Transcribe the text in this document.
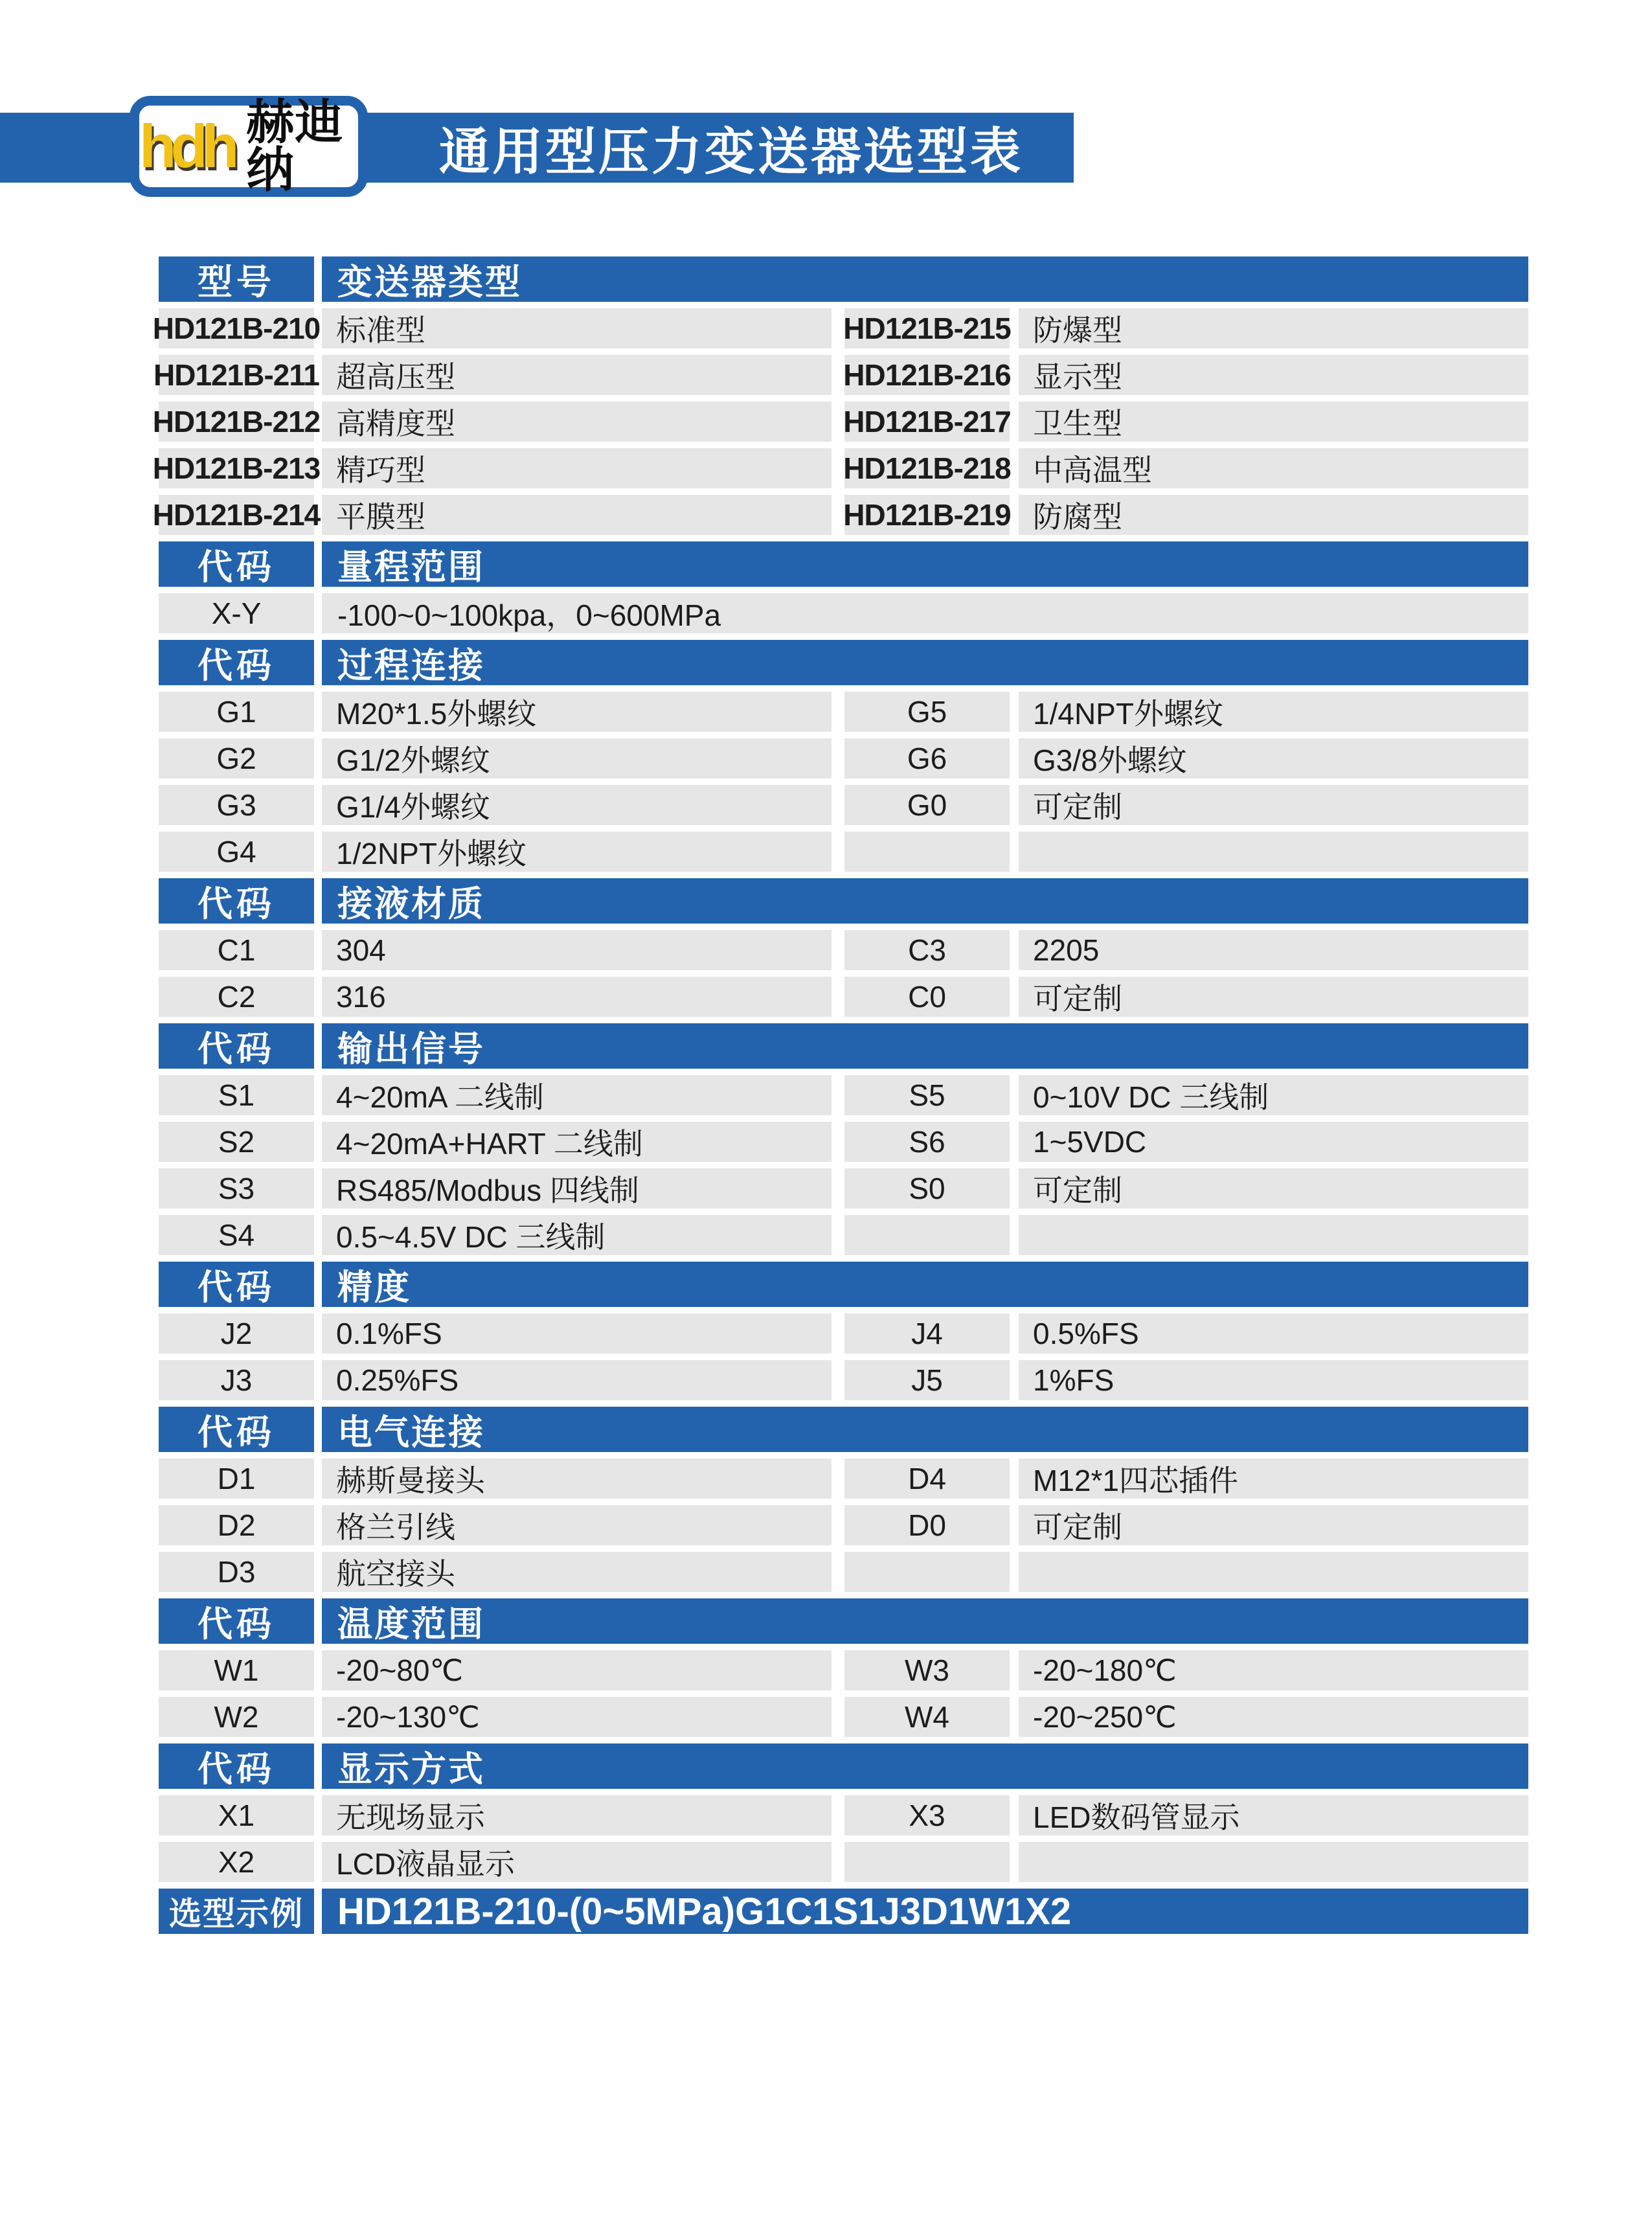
hdh 赫迪纳	通用型压力变送器选型表
型号	变送器类型
HD121B-210 标准型	HD121B-215 防爆型
HD121B-211 超高压型	HD121B-216 显示型
HD121B-212 高精度型	HD121B-217 卫生型
HD121B-213 精巧型	HD121B-218 中高温型
HD121B-214 平膜型	HD121B-219 防腐型
代码	量程范围
X-Y	-100~0~100kpa，0~600MPa
代码	过程连接
G1	M20*1.5外螺纹	G5	1/4NPT外螺纹
G2	G1/2外螺纹	G6	G3/8外螺纹
G3	G1/4外螺纹	G0	可定制
G4	1/2NPT外螺纹
代码	接液材质
C1	304	C3	2205
C2	316	C0	可定制
代码	输出信号
S1	4~20mA 二线制	S5	0~10V DC 三线制
S2	4~20mA+HART 二线制	S6	1~5VDC
S3	RS485/Modbus 四线制	S0	可定制
S4	0.5~4.5V DC 三线制
代码	精度
J2	0.1%FS	J4	0.5%FS
J3	0.25%FS	J5	1%FS
代码	电气连接
D1	赫斯曼接头	D4	M12*1四芯插件
D2	格兰引线	D0	可定制
D3	航空接头
代码	温度范围
W1	-20~80℃	W3	-20~180℃
W2	-20~130℃	W4	-20~250℃
代码	显示方式
X1	无现场显示	X3	LED数码管显示
X2	LCD液晶显示
选型示例 HD121B-210-(0~5MPa)G1C1S1J3D1W1X2
